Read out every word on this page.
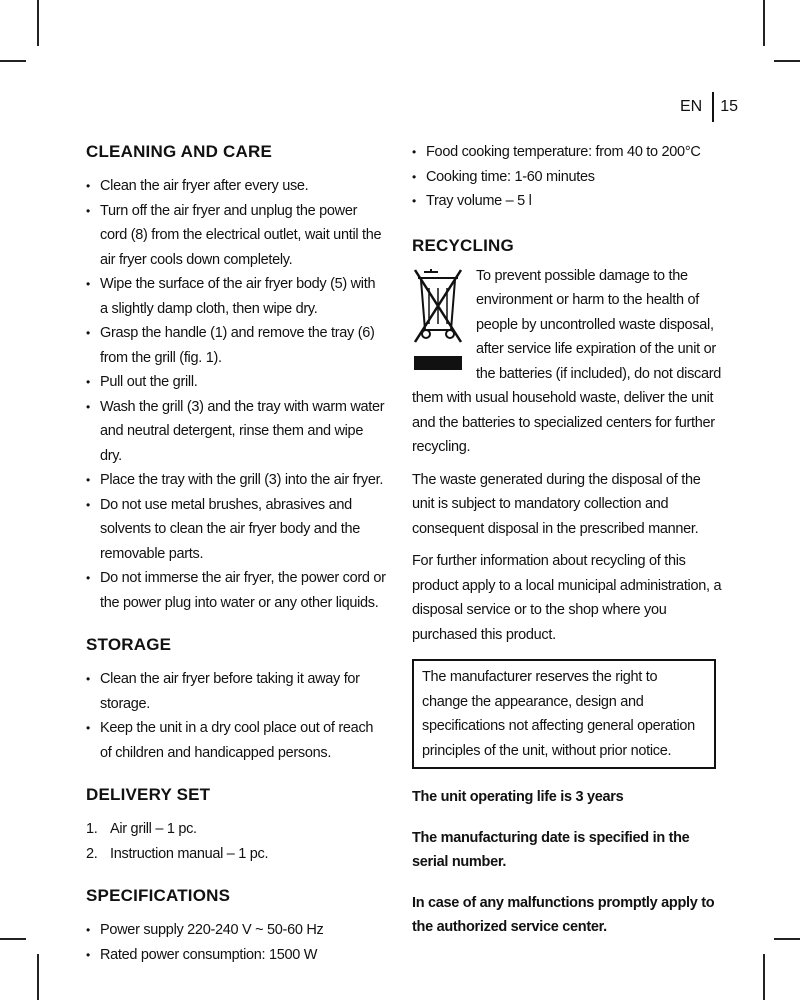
EN 15
CLEANING AND CARE
• Clean the air fryer after every use.
• Turn off the air fryer and unplug the power cord (8) from the electrical outlet, wait until the air fryer cools down completely.
• Wipe the surface of the air fryer body (5) with a slightly damp cloth, then wipe dry.
• Grasp the handle (1) and remove the tray (6) from the grill (fig. 1).
• Pull out the grill.
• Wash the grill (3) and the tray with warm water and neutral detergent, rinse them and wipe dry.
• Place the tray with the grill (3) into the air fryer.
• Do not use metal brushes, abrasives and solvents to clean the air fryer body and the removable parts.
• Do not immerse the air fryer, the power cord or the power plug into water or any other liquids.
STORAGE
• Clean the air fryer before taking it away for storage.
• Keep the unit in a dry cool place out of reach of children and handicapped persons.
DELIVERY SET
1. Air grill – 1 pc.
2. Instruction manual – 1 pc.
SPECIFICATIONS
• Power supply 220-240 V ~ 50-60 Hz
• Rated power consumption: 1500 W
• Food cooking temperature: from 40 to 200°C
• Cooking time: 1-60 minutes
• Tray volume – 5 l
RECYCLING

To prevent possible damage to the environment or harm to the health of people by uncontrolled waste disposal, after service life expiration of the unit or the batteries (if included), do not discard them with usual household waste, deliver the unit and the batteries to specialized centers for further recycling.

The waste generated during the disposal of the unit is subject to mandatory collection and consequent disposal in the prescribed manner.

For further information about recycling of this product apply to a local municipal administration, a disposal service or to the shop where you purchased this product.

The manufacturer reserves the right to change the appearance, design and specifications not affecting general operation principles of the unit, without prior notice.

The unit operating life is 3 years

The manufacturing date is specified in the serial number.

In case of any malfunctions promptly apply to the authorized service center.
